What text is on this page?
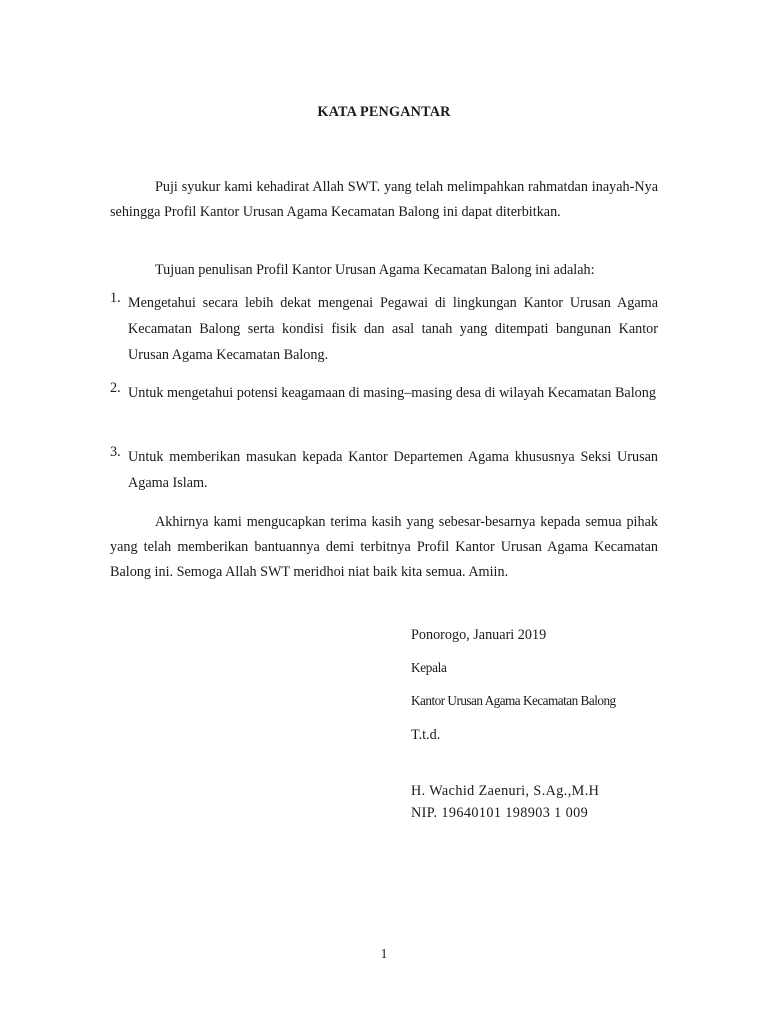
KATA PENGANTAR

Puji syukur kami kehadirat Allah SWT. yang telah melimpahkan rahmatdan inayah-Nya sehingga Profil Kantor Urusan Agama Kecamatan Balong ini dapat diterbitkan.

Tujuan penulisan Profil Kantor Urusan Agama Kecamatan Balong ini adalah:

1. Mengetahui secara lebih dekat mengenai Pegawai di lingkungan Kantor Urusan Agama Kecamatan Balong serta kondisi fisik dan asal tanah yang ditempati bangunan Kantor Urusan Agama Kecamatan Balong.
2. Untuk mengetahui potensi keagamaan di masing–masing desa di wilayah Kecamatan Balong
3. Untuk memberikan masukan kepada Kantor Departemen Agama khususnya Seksi Urusan Agama Islam.

Akhirnya kami mengucapkan terima kasih yang sebesar-besarnya kepada semua pihak yang telah memberikan bantuannya demi terbitnya Profil Kantor Urusan Agama Kecamatan Balong ini. Semoga Allah SWT meridhoi niat baik kita semua. Amiin.

Ponorogo, Januari 2019

Kepala

Kantor Urusan Agama Kecamatan Balong

T.t.d.

H. Wachid Zaenuri, S.Ag.,M.H

NIP. 19640101 198903 1 009

1
